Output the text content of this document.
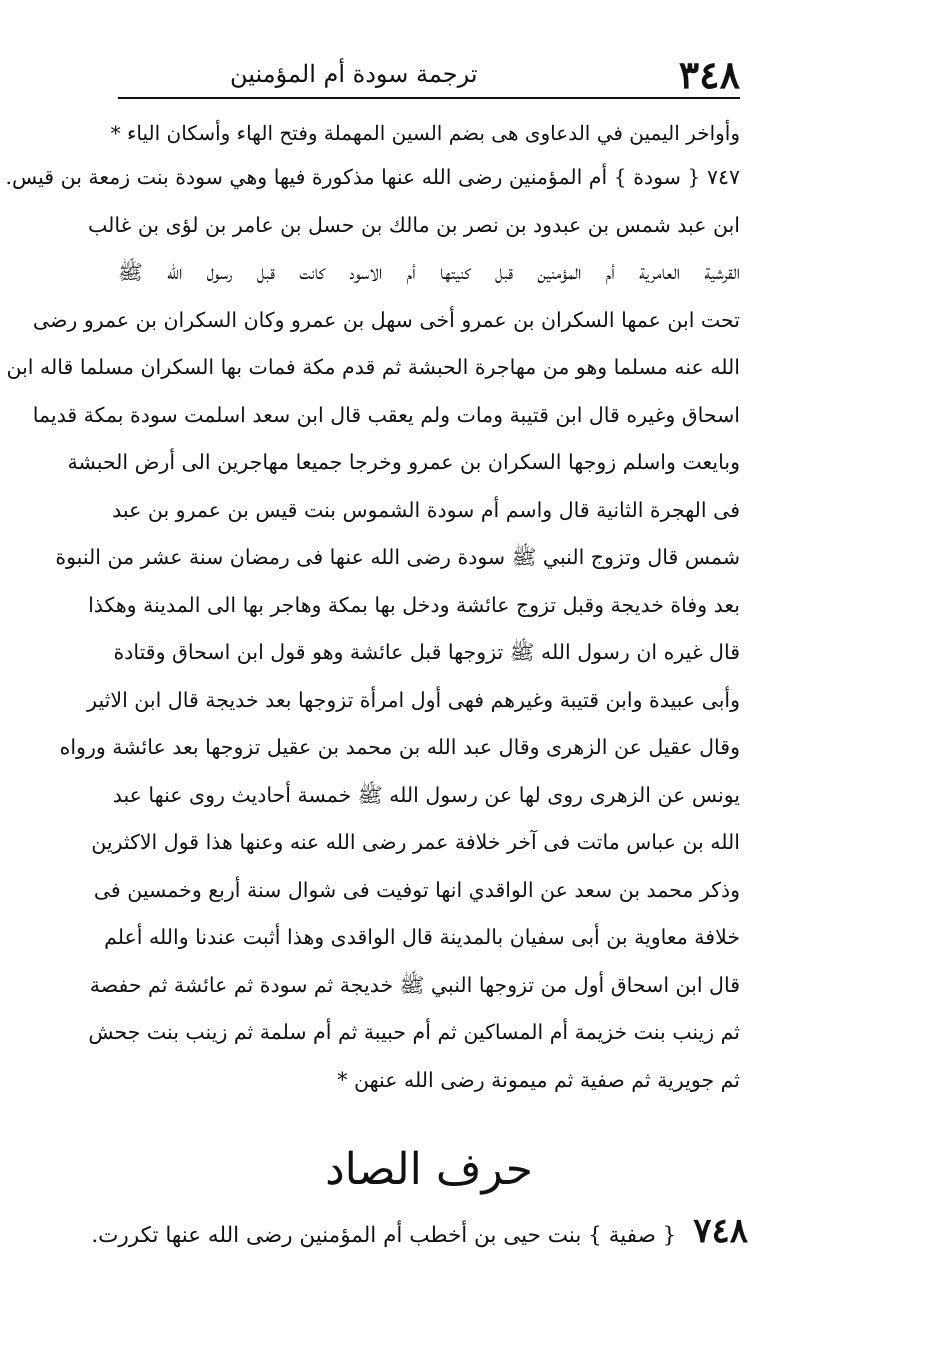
٣٤٨
ترجمة سودة أم المؤمنين
وأواخر اليمين في الدعاوى هى بضم السين المهملة وفتح الهاء وأسكان الياء *
٧٤٧ { سودة } أم المؤمنين رضى الله عنها مذكورة فيها وهي سودة بنت زمعة بن قيس.
ابن عبد شمس بن عبدود بن نصر بن مالك بن حسل بن عامر بن لؤى بن غالب
القرشية العامرية أم المؤمنين قبل كنيتها أم الاسود كانت قبل رسول الله ﷺ
تحت ابن عمها السكران بن عمرو أخى سهل بن عمرو وكان السكران بن عمرو رضى
الله عنه مسلما وهو من مهاجرة الحبشة ثم قدم مكة فمات بها السكران مسلما قاله ابن
اسحاق وغيره قال ابن قتيبة ومات ولم يعقب قال ابن سعد اسلمت سودة بمكة قديما
وبايعت واسلم زوجها السكران بن عمرو وخرجا جميعا مهاجرين الى أرض الحبشة
فى الهجرة الثانية قال واسم أم سودة الشموس بنت قيس بن عمرو بن عبد
شمس قال وتزوج النبي ﷺ سودة رضى الله عنها فى رمضان سنة عشر من النبوة
بعد وفاة خديجة وقبل تزوج عائشة ودخل بها بمكة وهاجر بها الى المدينة وهكذا
قال غيره ان رسول الله ﷺ تزوجها قبل عائشة وهو قول ابن اسحاق وقتادة
وأبى عبيدة وابن قتيبة وغيرهم فهى أول امرأة تزوجها بعد خديجة قال ابن الاثير
وقال عقيل عن الزهرى وقال عبد الله بن محمد بن عقيل تزوجها بعد عائشة ورواه
يونس عن الزهرى روى لها عن رسول الله ﷺ خمسة أحاديث روى عنها عبد
الله بن عباس ماتت فى آخر خلافة عمر رضى الله عنه وعنها هذا قول الاكثرين
وذكر محمد بن سعد عن الواقدي انها توفيت فى شوال سنة أربع وخمسين فى
خلافة معاوية بن أبى سفيان بالمدينة قال الواقدى وهذا أثبت عندنا والله أعلم
قال ابن اسحاق أول من تزوجها النبي ﷺ خديجة ثم سودة ثم عائشة ثم حفصة
ثم زينب بنت خزيمة أم المساكين ثم أم حبيبة ثم أم سلمة ثم زينب بنت جحش
ثم جويرية ثم صفية ثم ميمونة رضى الله عنهن *
حرف الصاد
٧٤٨ { صفية } بنت حيى بن أخطب أم المؤمنين رضى الله عنها تكررت.
